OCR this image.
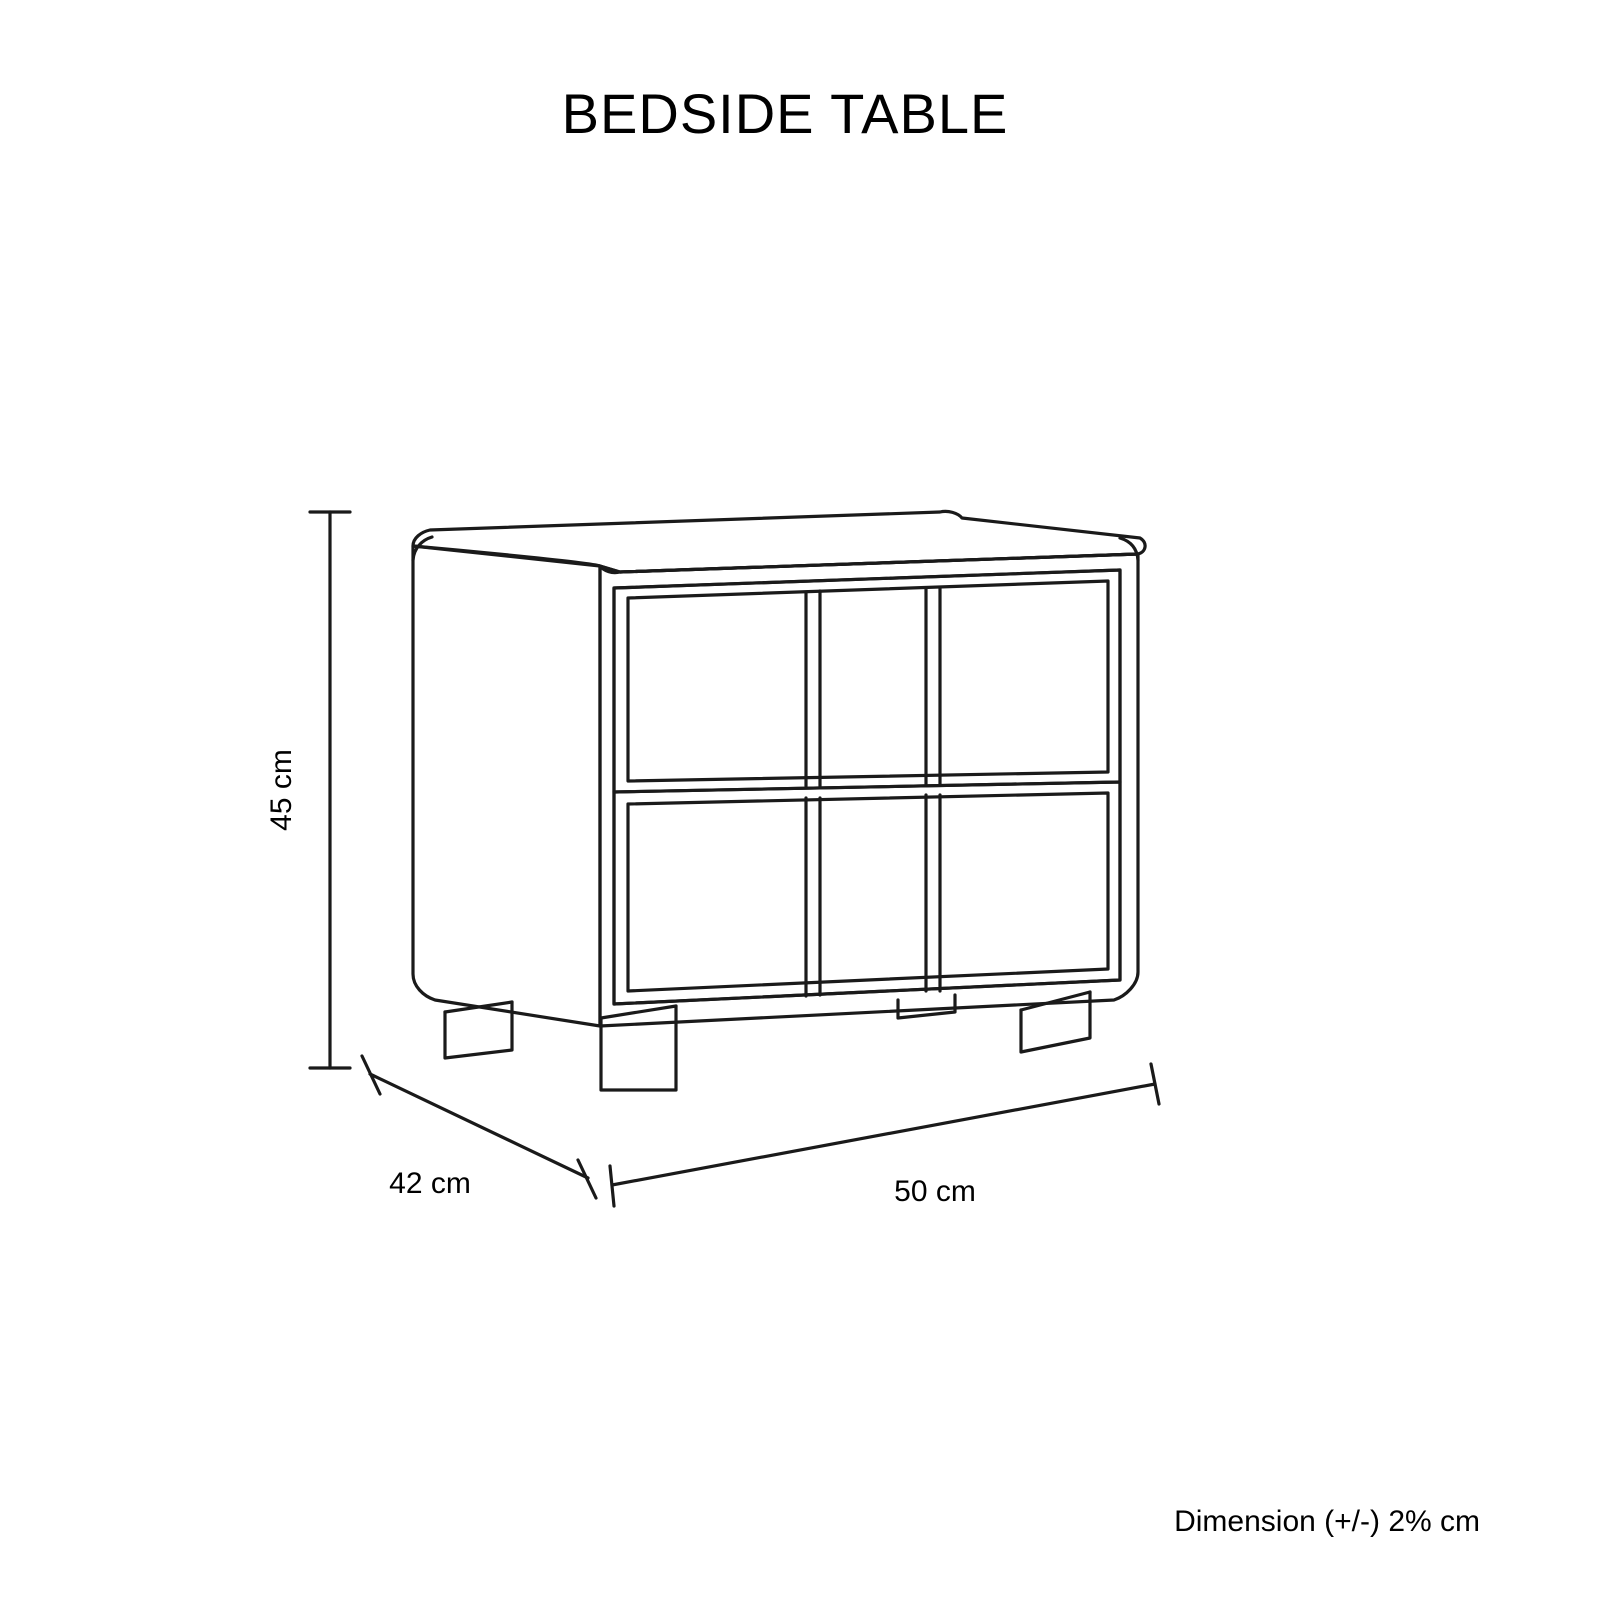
BEDSIDE TABLE
45 cm
42 cm	50 cm
Dimension (+/-) 2% cm
